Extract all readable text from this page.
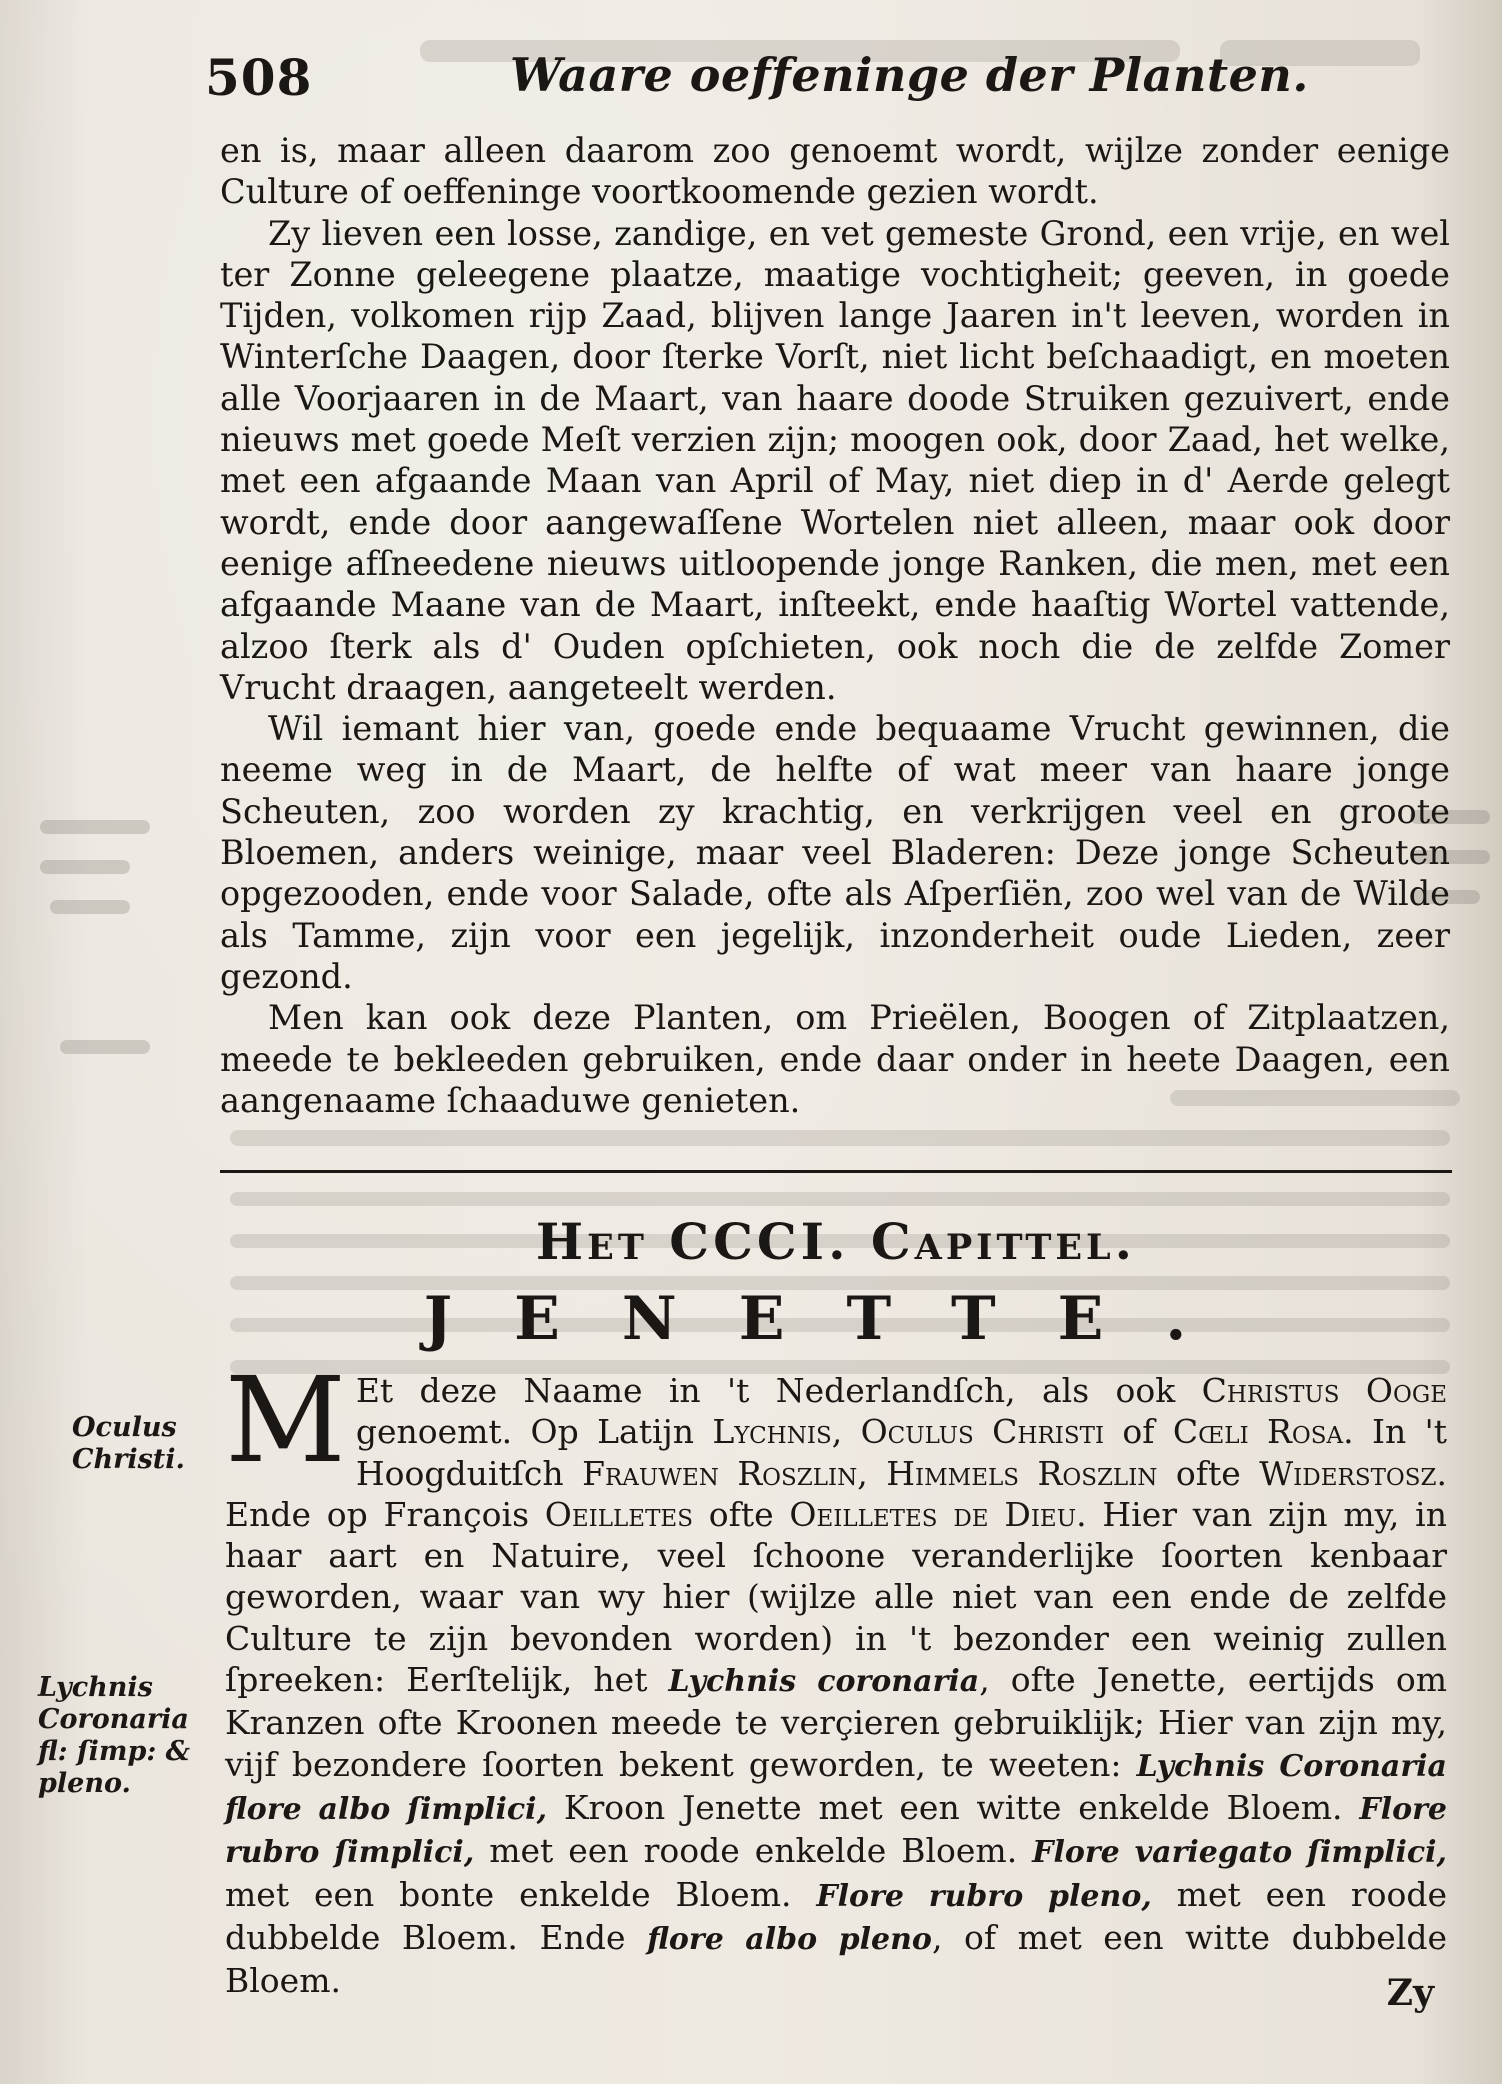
508	Waare oeffeninge der Planten.

en is, maar alleen daarom zoo genoemt wordt, wijlze zonder eenige Culture of oeffeninge voortkoomende gezien wordt.

Zy lieven een losse, zandige, en vet gemeste Grond, een vrije, en wel ter Zonne geleegene plaatze, maatige vochtigheit; geeven, in goede Tijden, volkomen rijp Zaad, blijven lange Jaaren in't leeven, worden in Winterſche Daagen, door ſterke Vorſt, niet licht beſchaadigt, en moeten alle Voorjaaren in de Maart, van haare doode Struiken gezuivert, ende nieuws met goede Meſt verzien zijn; moogen ook, door Zaad, het welke, met een afgaande Maan van April of May, niet diep in d' Aerde gelegt wordt, ende door aangewaſſene Wortelen niet alleen, maar ook door eenige afſneedene nieuws uitloopende jonge Ranken, die men, met een afgaande Maane van de Maart, inſteekt, ende haaſtig Wortel vattende, alzoo ſterk als d' Ouden opſchieten, ook noch die de zelfde Zomer Vrucht draagen, aangeteelt werden.

Wil iemant hier van, goede ende bequaame Vrucht gewinnen, die neeme weg in de Maart, de helfte of wat meer van haare jonge Scheuten, zoo worden zy krachtig, en verkrijgen veel en groote Bloemen, anders weinige, maar veel Bladeren: Deze jonge Scheuten opgezooden, ende voor Salade, ofte als Aſperſiën, zoo wel van de Wilde als Tamme, zijn voor een jegelijk, inzonderheit oude Lieden, zeer gezond.

Men kan ook deze Planten, om Prieëlen, Boogen of Zitplaatzen, meede te bekleeden gebruiken, ende daar onder in heete Daagen, een aangenaame ſchaaduwe genieten.

Het CCCI. Capittel.
JENETTE.
M Et deze Naame in 't Nederlandſch, als ook Christus Ooge genoemt. Op Latijn Lychnis, Oculus Christi of Cœli Rosa. In 't Hoogduitſch Frauwen Roszlin, Himmels Roszlin ofte Widerstosz. Ende op François Oeilletes ofte Oeilletes de Dieu. Hier van zijn my, in haar aart en Natuire, veel ſchoone veranderlijke ſoorten kenbaar geworden, waar van wy hier (wijlze alle niet van een ende de zelfde Culture te zijn bevonden worden) in 't bezonder een weinig zullen ſpreeken: Eerſtelijk, het Lychnis coronaria, ofte Jenette, eertijds om Kranzen ofte Kroonen meede te verçieren gebruiklijk; Hier van zijn my, vijf bezondere ſoorten bekent geworden, te weeten: Lychnis Coronaria flore albo ſimplici, Kroon Jenette met een witte enkelde Bloem. Flore rubro ſimplici, met een roode enkelde Bloem. Flore variegato ſimplici, met een bonte enkelde Bloem. Flore rubro pleno, met een roode dubbelde Bloem. Ende flore albo pleno, of met een witte dubbelde Bloem.

Oculus
Christi.
Lychnis
Coronaria
fl: ſimp: &
pleno.
Zy
